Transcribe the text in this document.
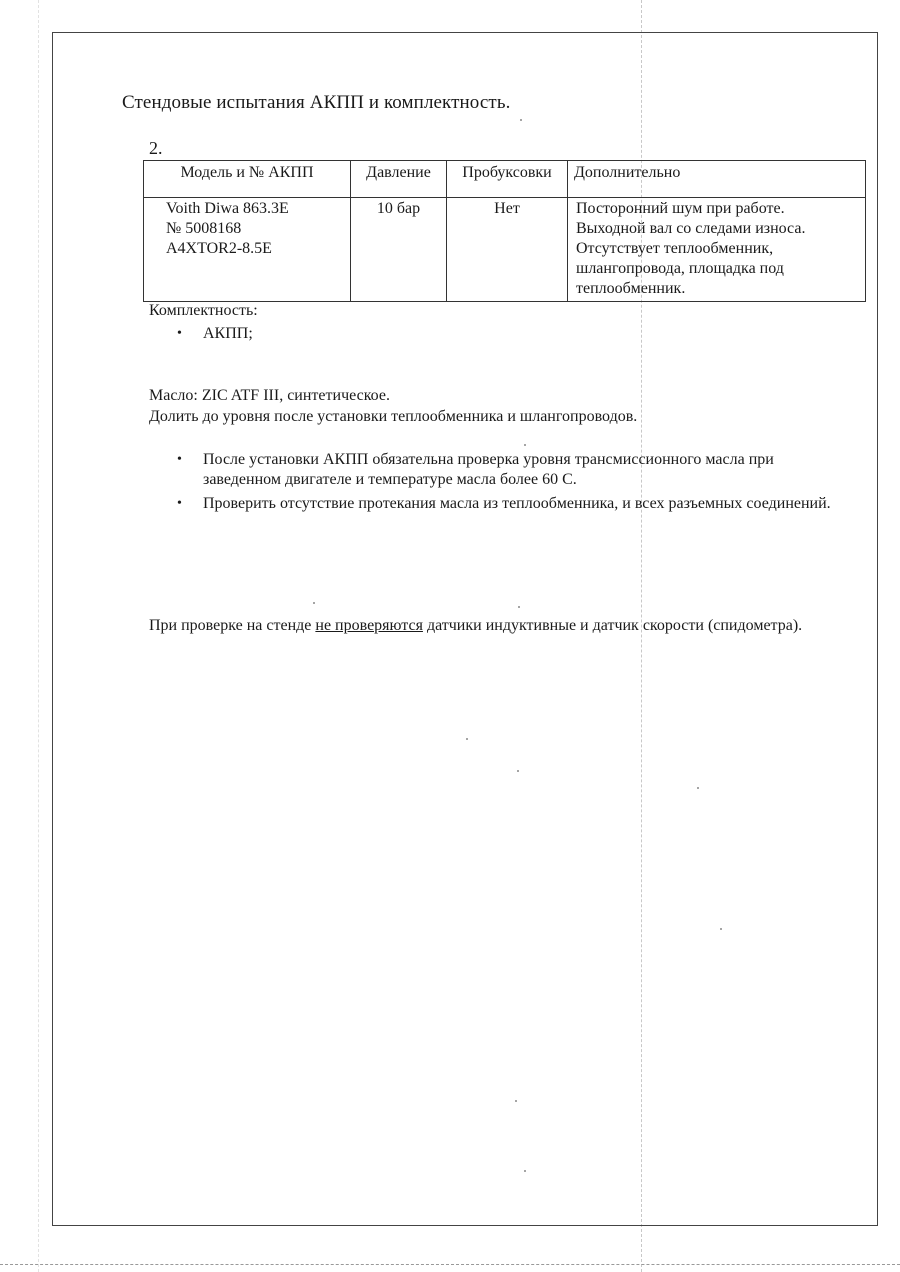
Стендовые испытания АКПП и комплектность.
2.
Модель и № АКПП	Давление	Пробуксовки	Дополнительно

Voith Diwa 863.3E
№ 5008168
A4XTOR2-8.5E	10 бар	Нет	Посторонний шум при работе.
Выходной вал со следами износа.
Отсутствует теплообменник,
шлангопровода, площадка под
теплообменник.
Комплектность:
• АКПП;
Масло: ZIC ATF III, синтетическое.
Долить до уровня после установки теплообменника и шлангопроводов.
• После установки АКПП обязательна проверка уровня трансмиссионного масла при заведенном двигателе и температуре масла более 60 С.
• Проверить отсутствие протекания масла из теплообменника, и всех разъемных соединений.
При проверке на стенде не проверяются датчики индуктивные и датчик скорости (спидометра).
